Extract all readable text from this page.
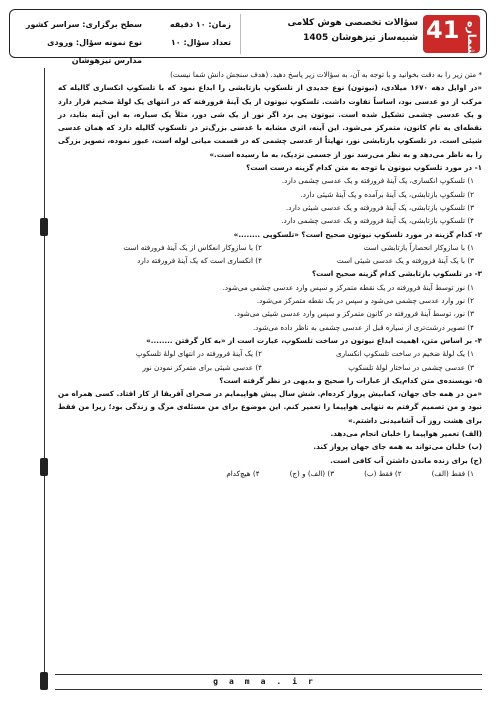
41 شماره
سؤالات تخصصی هوش کلامی
شبیه‌ساز تیزهوشان 1405
زمان: ۱۰ دقیقه
تعداد سؤال: ۱۰
سطح برگزاری: سراسر کشور
نوع نمونه سؤال: ورودی مدارس تیزهوشان

* متن زیر را به دقت بخوانید و با توجه به آن، به سؤالات زیر پاسخ دهید. (هدف سنجش دانش شما نیست)

«در اوایل دهه ۱۶۷۰ میلادی، (نیوتون) نوع جدیدی از تلسکوپ بازتابشی را ابداع نمود که با تلسکوپ انکساری گالیله که مرکب از دو عدسی بود، اساساً تفاوت داشت. تلسکوپ نیوتون از یک آینهٔ فرورفته که در انتهای یک لولهٔ ضخیم قرار دارد و یک عدسی چشمی تشکیل شده است. نیوتون پی برد اگر نور از یک شی دور، مثلاً یک سیاره، به این آینه بتابد، در نقطه‌ای به نام کانون، متمرکز می‌شود. این آینه، اثری مشابه با عدسی بزرگ‌تر در تلسکوپ گالیله دارد که همان عدسی شیئی است. در تلسکوپ بازتابشی نور، نهایتاً از عدسی چشمی که در قسمت میانی لوله است، عبور نموده، تصویر بزرگی را به ناظر می‌دهد و به نظر می‌رسد نور از جسمی نزدیک، به ما رسیده است.»

۱- در مورد تلسکوپ نیوتون با توجه به متن کدام گزینه درست است؟

۱) تلسکوپ انکساری، یک آینهٔ فرورفته و یک عدسی چشمی دارد.

۲) تلسکوپ بازتابشی، یک آینهٔ برآمده و یک آینهٔ شیئی دارد.

۳) تلسکوپ بازتابشی، یک آینهٔ فرورفته و یک عدسی شیئی دارد.

۴) تلسکوپ بازتابشی، یک آینهٔ فرورفته و یک عدسی چشمی دارد.

۲- کدام گزینه در مورد تلسکوپ نیوتون صحیح است؟ «تلسکوپی ........»

۱) با سازوکار انحصاراً بازتابشی است
۲) با سازوکار انعکاس از یک آینهٔ فرورفته است
۳) با یک آینهٔ فرورفته و یک عدسی شیئی است
۴) انکساری است که یک آینهٔ فرورفته دارد

۳- در تلسکوپ بازتابشی کدام گزینه صحیح است؟

۱) نور توسط آینهٔ فرورفته در یک نقطه متمرکز و سپس وارد عدسی چشمی می‌شود.

۲) نور وارد عدسی چشمی می‌شود و سپس در یک نقطه متمرکز می‌شود.

۳) نور، توسط آینهٔ فرورفته در کانون متمرکز و سپس وارد عدسی شیئی می‌شود.

۴) تصویر درشت‌تری از سیاره قبل از عدسی چشمی به ناظر داده می‌شود.

۴- بر اساس متن، اهمیت ابداع نیوتون در ساخت تلسکوپ، عبارت است از «به کار گرفتن ........»

۱) یک لولهٔ ضخیم در ساخت تلسکوپ انکساری
۲) یک آینهٔ فرورفته در انتهای لولهٔ تلسکوپ
۳) عدسی چشمی در ساختار لولهٔ تلسکوپ
۴) عدسی شیئی برای متمرکز نمودن نور

۵- نویسنده‌ی متن کدام‌یک از عبارات را صحیح و بدیهی در نظر گرفته است؟

«من در همه جای جهان، کمابیش پرواز کرده‌ام. شش سال پیش هواپیمایم در صحرای آفریقا از کار افتاد. کسی همراه من نبود و من تصمیم گرفتم به تنهایی هواپیما را تعمیر کنم. این موضوع برای من مسئله‌ی مرگ و زندگی بود؛ زیرا من فقط برای هشت روز آب آشامیدنی داشتم.»

(الف) تعمیر هواپیما را خلبان انجام می‌دهد.

(ب) خلبان می‌تواند به همه جای جهان پرواز کند.

(ج) برای زنده ماندن داشتن آب کافی است.

۱) فقط (الف)
۲) فقط (ب)
۳) (الف) و (ج)
۴) هیچ‌کدام
gama.ir
